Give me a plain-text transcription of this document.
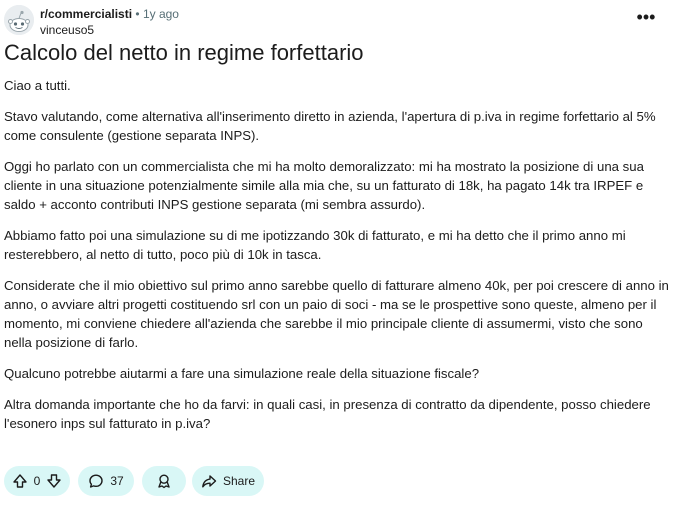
r/commercialisti • 1y ago
vinceuso5
•••
Calcolo del netto in regime forfettario

Ciao a tutti.

Stavo valutando, come alternativa all'inserimento diretto in azienda, l'apertura di p.iva in regime forfettario al 5% come consulente (gestione separata INPS).

Oggi ho parlato con un commercialista che mi ha molto demoralizzato: mi ha mostrato la posizione di una sua cliente in una situazione potenzialmente simile alla mia che, su un fatturato di 18k, ha pagato 14k tra IRPEF e saldo + acconto contributi INPS gestione separata (mi sembra assurdo).

Abbiamo fatto poi una simulazione su di me ipotizzando 30k di fatturato, e mi ha detto che il primo anno mi resterebbero, al netto di tutto, poco più di 10k in tasca.

Considerate che il mio obiettivo sul primo anno sarebbe quello di fatturare almeno 40k, per poi crescere di anno in anno, o avviare altri progetti costituendo srl con un paio di soci - ma se le prospettive sono queste, almeno per il momento, mi conviene chiedere all'azienda che sarebbe il mio principale cliente di assumermi, visto che sono nella posizione di farlo.

Qualcuno potrebbe aiutarmi a fare una simulazione reale della situazione fiscale?

Altra domanda importante che ho da farvi: in quali casi, in presenza di contratto da dipendente, posso chiedere l'esonero inps sul fatturato in p.iva?

0	37	Share
